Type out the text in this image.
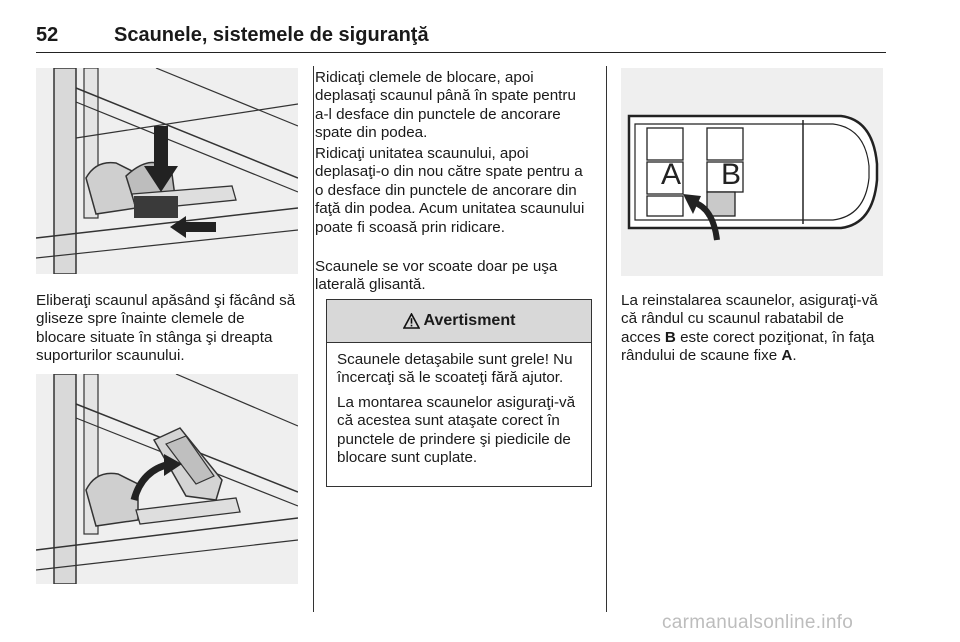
52	Scaunele, sistemele de siguranţă

Eliberaţi scaunul apăsând şi făcând să gliseze spre înainte clemele de blocare situate în stânga şi dreapta suporturilor scaunului.

Ridicaţi clemele de blocare, apoi deplasaţi scaunul până în spate pentru a-l desface din punctele de ancorare spate din podea.

Ridicaţi unitatea scaunului, apoi deplasaţi-o din nou către spate pentru a o desface din punctele de ancorare din faţă din podea. Acum unitatea scaunului poate fi scoasă prin ridicare.

Scaunele se vor scoate doar pe uşa laterală glisantă.

Avertisment

Scaunele detaşabile sunt grele! Nu încercaţi să le scoateţi fără ajutor.

La montarea scaunelor asiguraţi-vă că acestea sunt ataşate corect în punctele de prindere şi piedicile de blocare sunt cuplate.

A B

La reinstalarea scaunelor, asiguraţi-vă că rândul cu scaunul rabatabil de acces B este corect poziţionat, în faţa rândului de scaune fixe A.

carmanualsonline.info
